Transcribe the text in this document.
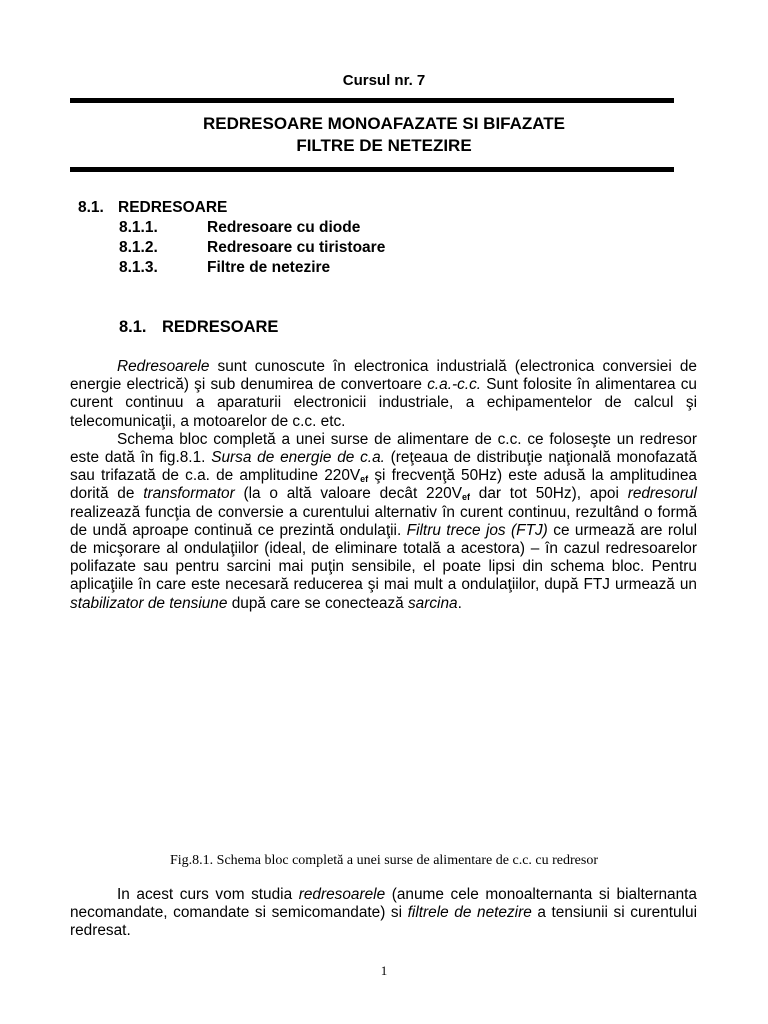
Cursul nr. 7
REDRESOARE MONOAFAZATE SI BIFAZATE
FILTRE DE NETEZIRE
8.1. REDRESOARE
8.1.1.	Redresoare cu diode
8.1.2.	Redresoare cu tiristoare
8.1.3.	Filtre de netezire
8.1. REDRESOARE

Redresoarele sunt cunoscute în electronica industrială (electronica conversiei de energie electrică) şi sub denumirea de convertoare c.a.-c.c. Sunt folosite în alimentarea cu curent continuu a aparaturii electronicii industriale, a echipamentelor de calcul şi telecomunicaţii, a motoarelor de c.c. etc.

Schema bloc completă a unei surse de alimentare de c.c. ce foloseşte un redresor este dată în fig.8.1. Sursa de energie de c.a. (reţeaua de distribuţie naţională monofazată sau trifazată de c.a. de amplitudine $220V_{ef}$ şi frecvenţă 50Hz) este adusă la amplitudinea dorită de transformator (la o altă valoare decât $220V_{ef}$ dar tot 50Hz), apoi redresorul realizează funcţia de conversie a curentului alternativ în curent continuu, rezultând o formă de undă aproape continuă ce prezintă ondulaţii. Filtru trece jos (FTJ) ce urmează are rolul de micşorare al ondulaţiilor (ideal, de eliminare totală a acestora) – în cazul redresoarelor polifazate sau pentru sarcini mai puţin sensibile, el poate lipsi din schema bloc. Pentru aplicaţiile în care este necesară reducerea şi mai mult a ondulaţiilor, după FTJ urmează un stabilizator de tensiune după care se conectează sarcina.

Fig.8.1. Schema bloc completă a unei surse de alimentare de c.c. cu redresor

In acest curs vom studia redresoarele (anume cele monoalternanta si bialternanta necomandate, comandate si semicomandate) si filtrele de netezire a tensiunii si curentului redresat.

1
